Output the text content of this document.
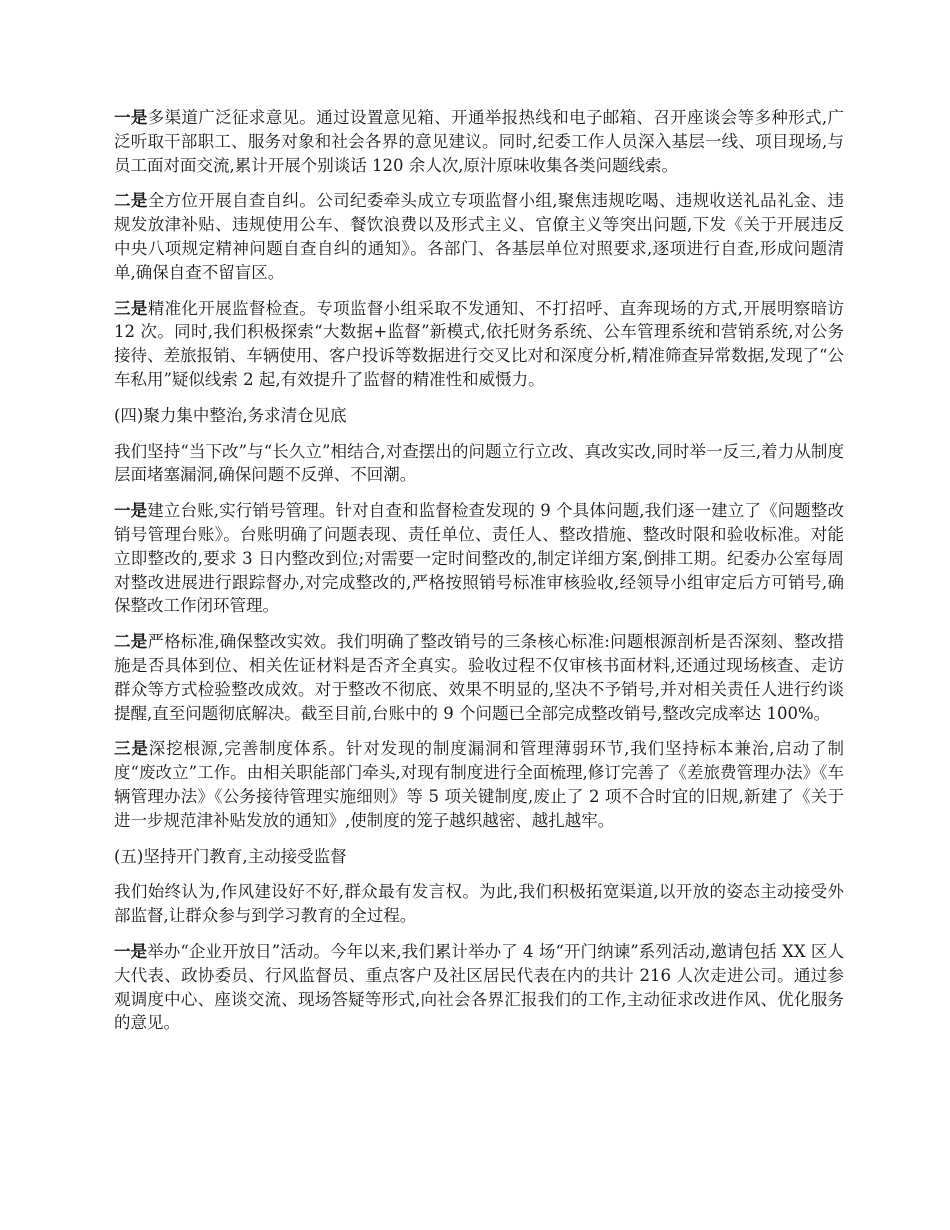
一是多渠道广泛征求意见。通过设置意见箱、开通举报热线和电子邮箱、召开座谈会等多种形式,广泛听取干部职工、服务对象和社会各界的意见建议。同时,纪委工作人员深入基层一线、项目现场,与员工面对面交流,累计开展个别谈话 120 余人次,原汁原味收集各类问题线索。

二是全方位开展自查自纠。公司纪委牵头成立专项监督小组,聚焦违规吃喝、违规收送礼品礼金、违规发放津补贴、违规使用公车、餐饮浪费以及形式主义、官僚主义等突出问题,下发《关于开展违反中央八项规定精神问题自查自纠的通知》。各部门、各基层单位对照要求,逐项进行自查,形成问题清单,确保自查不留盲区。

三是精准化开展监督检查。专项监督小组采取不发通知、不打招呼、直奔现场的方式,开展明察暗访 12 次。同时,我们积极探索“大数据+监督”新模式,依托财务系统、公车管理系统和营销系统,对公务接待、差旅报销、车辆使用、客户投诉等数据进行交叉比对和深度分析,精准筛查异常数据,发现了“公车私用”疑似线索 2 起,有效提升了监督的精准性和威慑力。

(四)聚力集中整治,务求清仓见底

我们坚持“当下改”与“长久立”相结合,对查摆出的问题立行立改、真改实改,同时举一反三,着力从制度层面堵塞漏洞,确保问题不反弹、不回潮。

一是建立台账,实行销号管理。针对自查和监督检查发现的 9 个具体问题,我们逐一建立了《问题整改销号管理台账》。台账明确了问题表现、责任单位、责任人、整改措施、整改时限和验收标准。对能立即整改的,要求 3 日内整改到位;对需要一定时间整改的,制定详细方案,倒排工期。纪委办公室每周对整改进展进行跟踪督办,对完成整改的,严格按照销号标准审核验收,经领导小组审定后方可销号,确保整改工作闭环管理。

二是严格标准,确保整改实效。我们明确了整改销号的三条核心标准:问题根源剖析是否深刻、整改措施是否具体到位、相关佐证材料是否齐全真实。验收过程不仅审核书面材料,还通过现场核查、走访群众等方式检验整改成效。对于整改不彻底、效果不明显的,坚决不予销号,并对相关责任人进行约谈提醒,直至问题彻底解决。截至目前,台账中的 9 个问题已全部完成整改销号,整改完成率达 100%。

三是深挖根源,完善制度体系。针对发现的制度漏洞和管理薄弱环节,我们坚持标本兼治,启动了制度“废改立”工作。由相关职能部门牵头,对现有制度进行全面梳理,修订完善了《差旅费管理办法》《车辆管理办法》《公务接待管理实施细则》等 5 项关键制度,废止了 2 项不合时宜的旧规,新建了《关于进一步规范津补贴发放的通知》,使制度的笼子越织越密、越扎越牢。

(五)坚持开门教育,主动接受监督

我们始终认为,作风建设好不好,群众最有发言权。为此,我们积极拓宽渠道,以开放的姿态主动接受外部监督,让群众参与到学习教育的全过程。

一是举办“企业开放日”活动。今年以来,我们累计举办了 4 场“开门纳谏”系列活动,邀请包括 XX 区人大代表、政协委员、行风监督员、重点客户及社区居民代表在内的共计 216 人次走进公司。通过参观调度中心、座谈交流、现场答疑等形式,向社会各界汇报我们的工作,主动征求改进作风、优化服务的意见。
